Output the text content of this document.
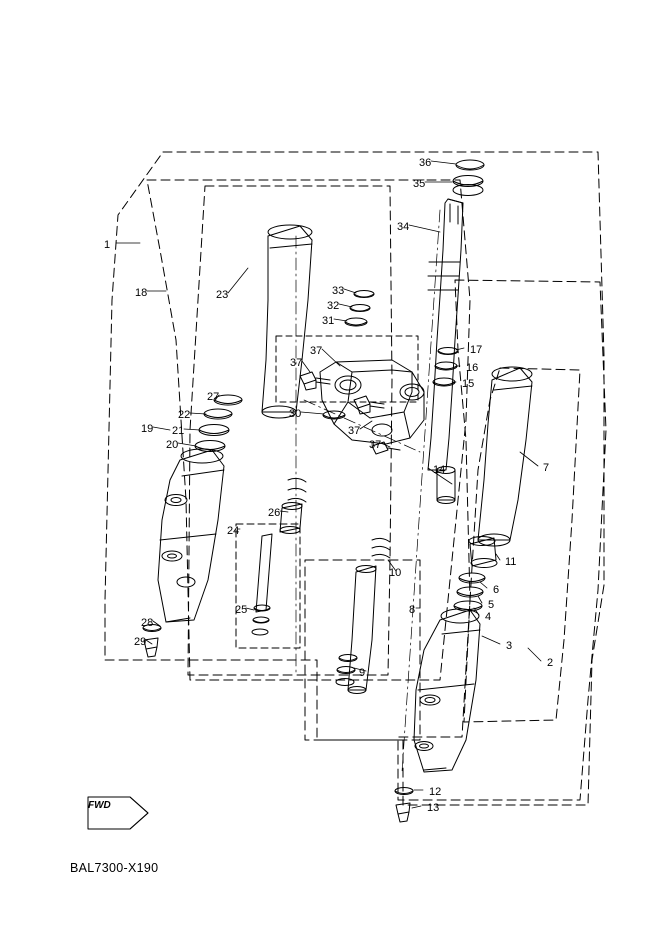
FWD
BAL7300-X190
1
18	23
36
35
34
33
32
31
37
37	17
16
15
7
27
22
19 21
20
30
37
37
14
26
24
25
11
10
6
5
4
8
3
2
9
28
29
12
13
